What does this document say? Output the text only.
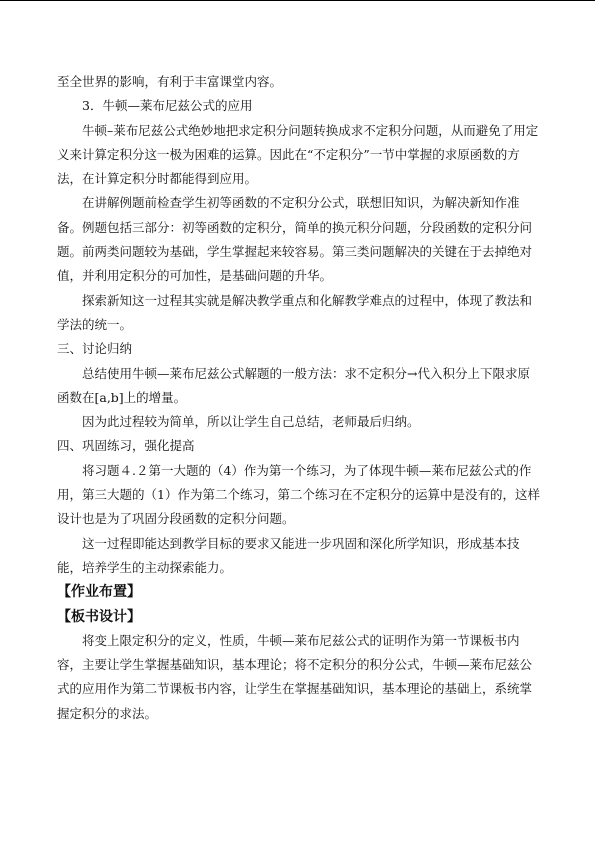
至全世界的影响，有利于丰富课堂内容。

3．牛顿—莱布尼兹公式的应用

牛顿–莱布尼兹公式绝妙地把求定积分问题转换成求不定积分问题，从而避免了用定义来计算定积分这一极为困难的运算。因此在“不定积分”一节中掌握的求原函数的方法，在计算定积分时都能得到应用。

在讲解例题前检查学生初等函数的不定积分公式，联想旧知识，为解决新知作准备。例题包括三部分：初等函数的定积分，简单的换元积分问题，分段函数的定积分问题。前两类问题较为基础，学生掌握起来较容易。第三类问题解决的关键在于去掉绝对值，并利用定积分的可加性，是基础问题的升华。

探索新知这一过程其实就是解决教学重点和化解教学难点的过程中，体现了教法和学法的统一。

三、讨论归纳

总结使用牛顿—莱布尼兹公式解题的一般方法：求不定积分→代入积分上下限求原函数在[a,b]上的增量。

因为此过程较为简单，所以让学生自己总结，老师最后归纳。

四、巩固练习，强化提高

将习题４.２第一大题的（4）作为第一个练习，为了体现牛顿—莱布尼兹公式的作用，第三大题的（1）作为第二个练习，第二个练习在不定积分的运算中是没有的，这样设计也是为了巩固分段函数的定积分问题。

这一过程即能达到教学目标的要求又能进一步巩固和深化所学知识，形成基本技能，培养学生的主动探索能力。

【作业布置】

【板书设计】

将变上限定积分的定义，性质，牛顿—莱布尼兹公式的证明作为第一节课板书内容，主要让学生掌握基础知识，基本理论；将不定积分的积分公式，牛顿—莱布尼兹公式的应用作为第二节课板书内容，让学生在掌握基础知识，基本理论的基础上，系统掌握定积分的求法。
